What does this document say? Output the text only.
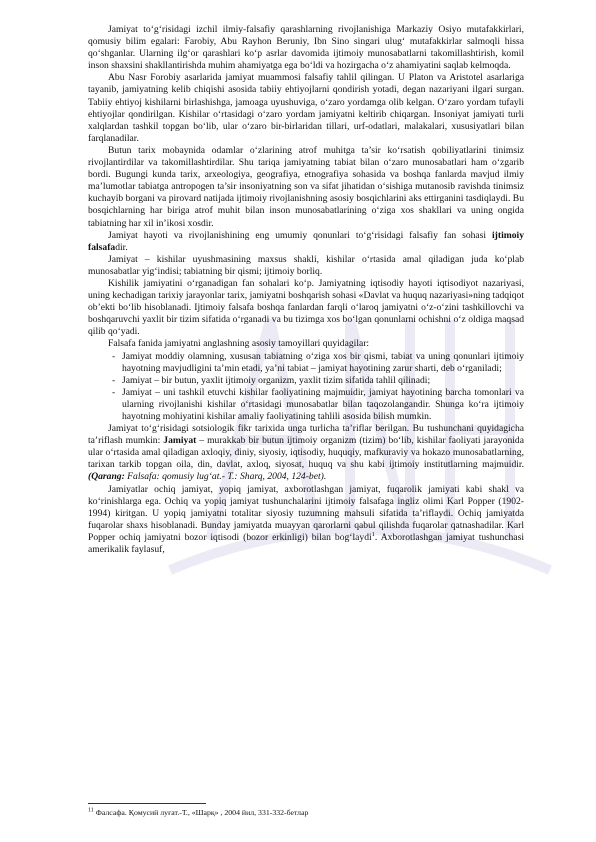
Jamiyat to‘g‘risidagi izchil ilmiy-falsafiy qarashlarning rivojlanishiga Markaziy Osiyo mutafakkirlari, qomusiy bilim egalari: Farobiy, Abu Rayhon Beruniy, Ibn Sino singari ulug‘ mutafakkirlar salmoqli hissa qo‘shganlar. Ularning ilg‘or qarashlari ko‘p asrlar davomida ijtimoiy munosabatlarni takomillashtirish, komil inson shaxsini shakllantirishda muhim ahamiyatga ega bo‘ldi va hozirgacha o‘z ahamiyatini saqlab kelmoqda.

Abu Nasr Forobiy asarlarida jamiyat muammosi falsafiy tahlil qilingan. U Platon va Aristotel asarlariga tayanib, jamiyatning kelib chiqishi asosida tabiiy ehtiyojlarni qondirish yotadi, degan nazariyani ilgari surgan. Tabiiy ehtiyoj kishilarni birlashishga, jamoaga uyushuviga, o‘zaro yordamga olib kelgan. O‘zaro yordam tufayli ehtiyojlar qondirilgan. Kishilar o‘rtasidagi o‘zaro yordam jamiyatni keltirib chiqargan. Insoniyat jamiyati turli xalqlardan tashkil topgan bo‘lib, ular o‘zaro bir-birlaridan tillari, urf-odatlari, malakalari, xususiyatlari bilan farqlanadilar.

Butun tarix mobaynida odamlar o‘zlarining atrof muhitga ta’sir ko‘rsatish qobiliyatlarini tinimsiz rivojlantirdilar va takomillashtirdilar. Shu tariqa jamiyatning tabiat bilan o‘zaro munosabatlari ham o‘zgarib bordi. Bugungi kunda tarix, arxeologiya, geografiya, etnografiya sohasida va boshqa fanlarda mavjud ilmiy ma’lumotlar tabiatga antropogen ta’sir insoniyatning son va sifat jihatidan o‘sishiga mutanosib ravishda tinimsiz kuchayib borgani va pirovard natijada ijtimoiy rivojlanishning asosiy bosqichlarini aks ettirganini tasdiqlaydi. Bu bosqichlarning har biriga atrof muhit bilan inson munosabatlarining o‘ziga xos shakllari va uning ongida tabiatning har xil in’ikosi xosdir.

Jamiyat hayoti va rivojlanishining eng umumiy qonunlari to‘g‘risidagi falsafiy fan sohasi ijtimoiy falsafadir.

Jamiyat – kishilar uyushmasining maxsus shakli, kishilar o‘rtasida amal qiladigan juda ko‘plab munosabatlar yig‘indisi; tabiatning bir qismi; ijtimoiy borliq.

Kishilik jamiyatini o‘rganadigan fan sohalari ko‘p. Jamiyatning iqtisodiy hayoti iqtisodiyot nazariyasi, uning kechadigan tarixiy jarayonlar tarix, jamiyatni boshqarish sohasi «Davlat va huquq nazariyasi»ning tadqiqot ob’ekti bo‘lib hisoblanadi. Ijtimoiy falsafa boshqa fanlardan farqli o‘laroq jamiyatni o‘z-o‘zini tashkillovchi va boshqaruvchi yaxlit bir tizim sifatida o‘rganadi va bu tizimga xos bo‘lgan qonunlarni ochishni o‘z oldiga maqsad qilib qo‘yadi.

Falsafa fanida jamiyatni anglashning asosiy tamoyillari quyidagilar:

- Jamiyat moddiy olamning, xususan tabiatning o‘ziga xos bir qismi, tabiat va uning qonunlari ijtimoiy hayotning mavjudligini ta’min etadi, ya’ni tabiat – jamiyat hayotining zarur sharti, deb o‘rganiladi;
- Jamiyat – bir butun, yaxlit ijtimoiy organizm, yaxlit tizim sifatida tahlil qilinadi;
- Jamiyat – uni tashkil etuvchi kishilar faoliyatining majmuidir, jamiyat hayotining barcha tomonlari va ularning rivojlanishi kishilar o‘rtasidagi munosabatlar bilan taqozolangandir. Shunga ko‘ra ijtimoiy hayotning mohiyatini kishilar amaliy faoliyatining tahlili asosida bilish mumkin.

Jamiyat to‘g‘risidagi sotsiologik fikr tarixida unga turlicha ta’riflar berilgan. Bu tushunchani quyidagicha ta’riflash mumkin: Jamiyat – murakkab bir butun ijtimoiy organizm (tizim) bo‘lib, kishilar faoliyati jarayonida ular o‘rtasida amal qiladigan axloqiy, diniy, siyosiy, iqtisodiy, huquqiy, mafkuraviy va hokazo munosabatlarning, tarixan tarkib topgan oila, din, davlat, axloq, siyosat, huquq va shu kabi ijtimoiy institutlarning majmuidir.(Qarang: Falsafa: qomusiy lug‘at.- T.: Sharq, 2004, 124-bet).

Jamiyatlar ochiq jamiyat, yopiq jamiyat, axborotlashgan jamiyat, fuqarolik jamiyati kabi shakl va ko‘rinishlarga ega. Ochiq va yopiq jamiyat tushunchalarini ijtimoiy falsafaga ingliz olimi Karl Popper (1902-1994) kiritgan. U yopiq jamiyatni totalitar siyosiy tuzumning mahsuli sifatida ta’riflaydi. Ochiq jamiyatda fuqarolar shaxs hisoblanadi. Bunday jamiyatda muayyan qarorlarni qabul qilishda fuqarolar qatnashadilar. Karl Popper ochiq jamiyatni bozor iqtisodi (bozor erkinligi) bilan bog‘laydi$^1$. Axborotlashgan jamiyat tushunchasi amerikalik faylasuf,

$^{11}$ Фалсафа. Қомусий луғат.-Т., «Шарқ» , 2004 йил, 331-332-бетлар
